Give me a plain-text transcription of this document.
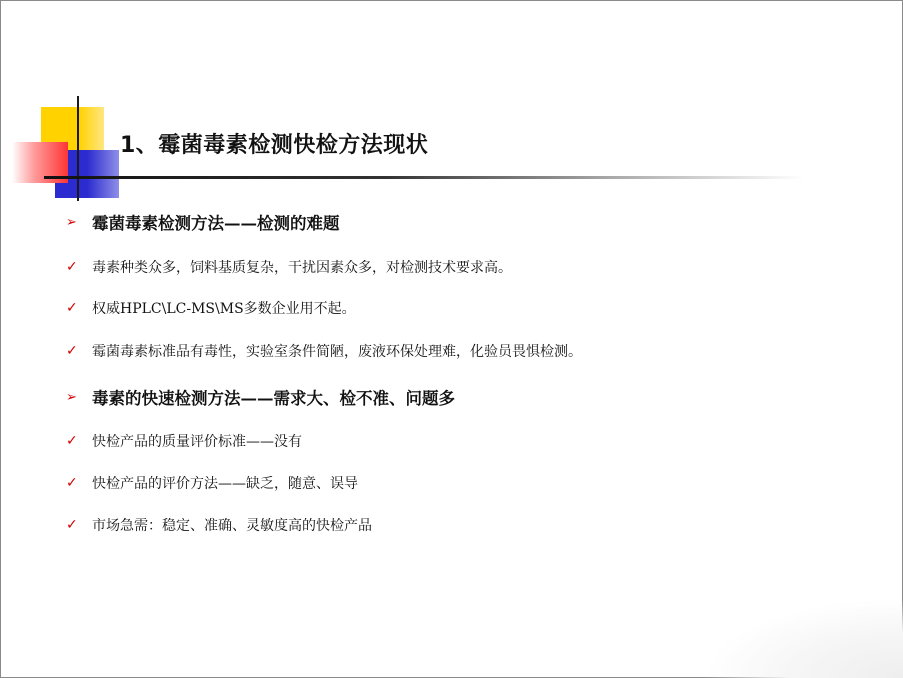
1、霉菌毒素检测快检方法现状
➢ 霉菌毒素检测方法——检测的难题
✓	毒素种类众多，饲料基质复杂，干扰因素众多，对检测技术要求高。
✓	权威HPLC\LC-MS\MS多数企业用不起。
✓	霉菌毒素标准品有毒性，实验室条件简陋，废液环保处理难，化验员畏惧检测。
➢ 毒素的快速检测方法——需求大、检不准、问题多
✓	快检产品的质量评价标准——没有
✓	快检产品的评价方法——缺乏，随意、误导
✓	市场急需：稳定、准确、灵敏度高的快检产品
